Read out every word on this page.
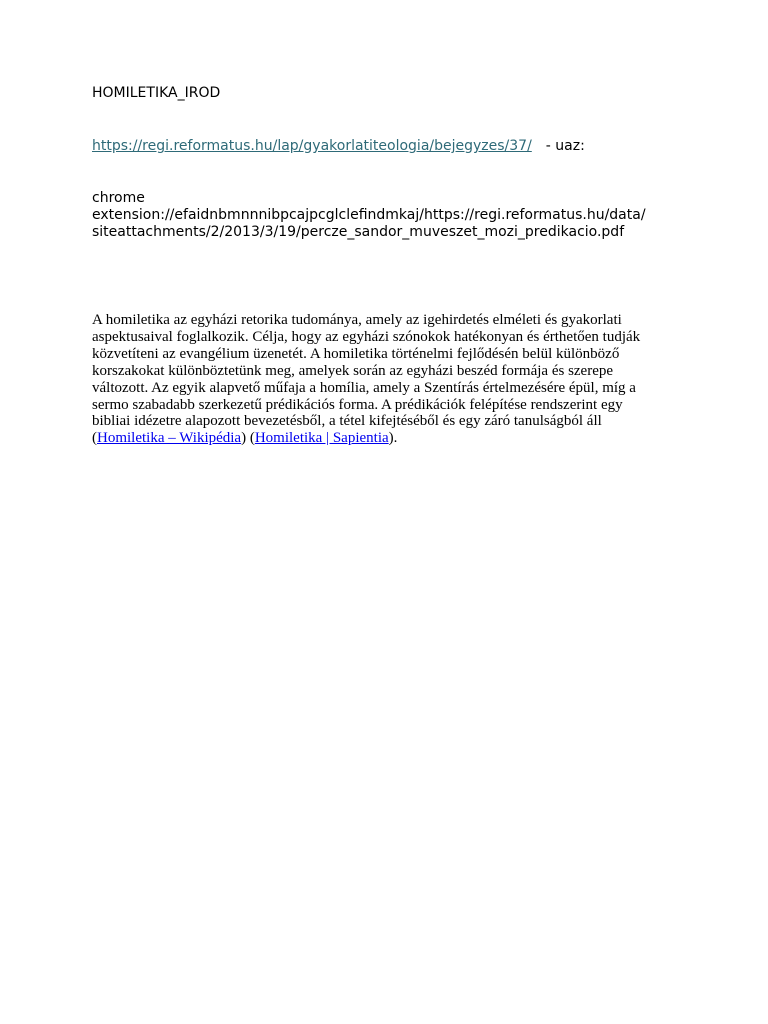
HOMILETIKA_IROD
https://regi.reformatus.hu/lap/gyakorlatiteologia/bejegyzes/37/ - uaz:
chrome
extension://efaidnbmnnnibpcajpcglclefindmkaj/https://regi.reformatus.hu/data/
siteattachments/2/2013/3/19/percze_sandor_muveszet_mozi_predikacio.pdf
A homiletika az egyházi retorika tudománya, amely az igehirdetés elméleti és gyakorlati
aspektusaival foglalkozik. Célja, hogy az egyházi szónokok hatékonyan és érthetően tudják
közvetíteni az evangélium üzenetét. A homiletika történelmi fejlődésén belül különböző
korszakokat különböztetünk meg, amelyek során az egyházi beszéd formája és szerepe
változott. Az egyik alapvető műfaja a homília, amely a Szentírás értelmezésére épül, míg a
sermo szabadabb szerkezetű prédikációs forma. A prédikációk felépítése rendszerint egy
bibliai idézetre alapozott bevezetésből, a tétel kifejtéséből és egy záró tanulságból áll
(Homiletika – Wikipédia) (Homiletika | Sapientia).
